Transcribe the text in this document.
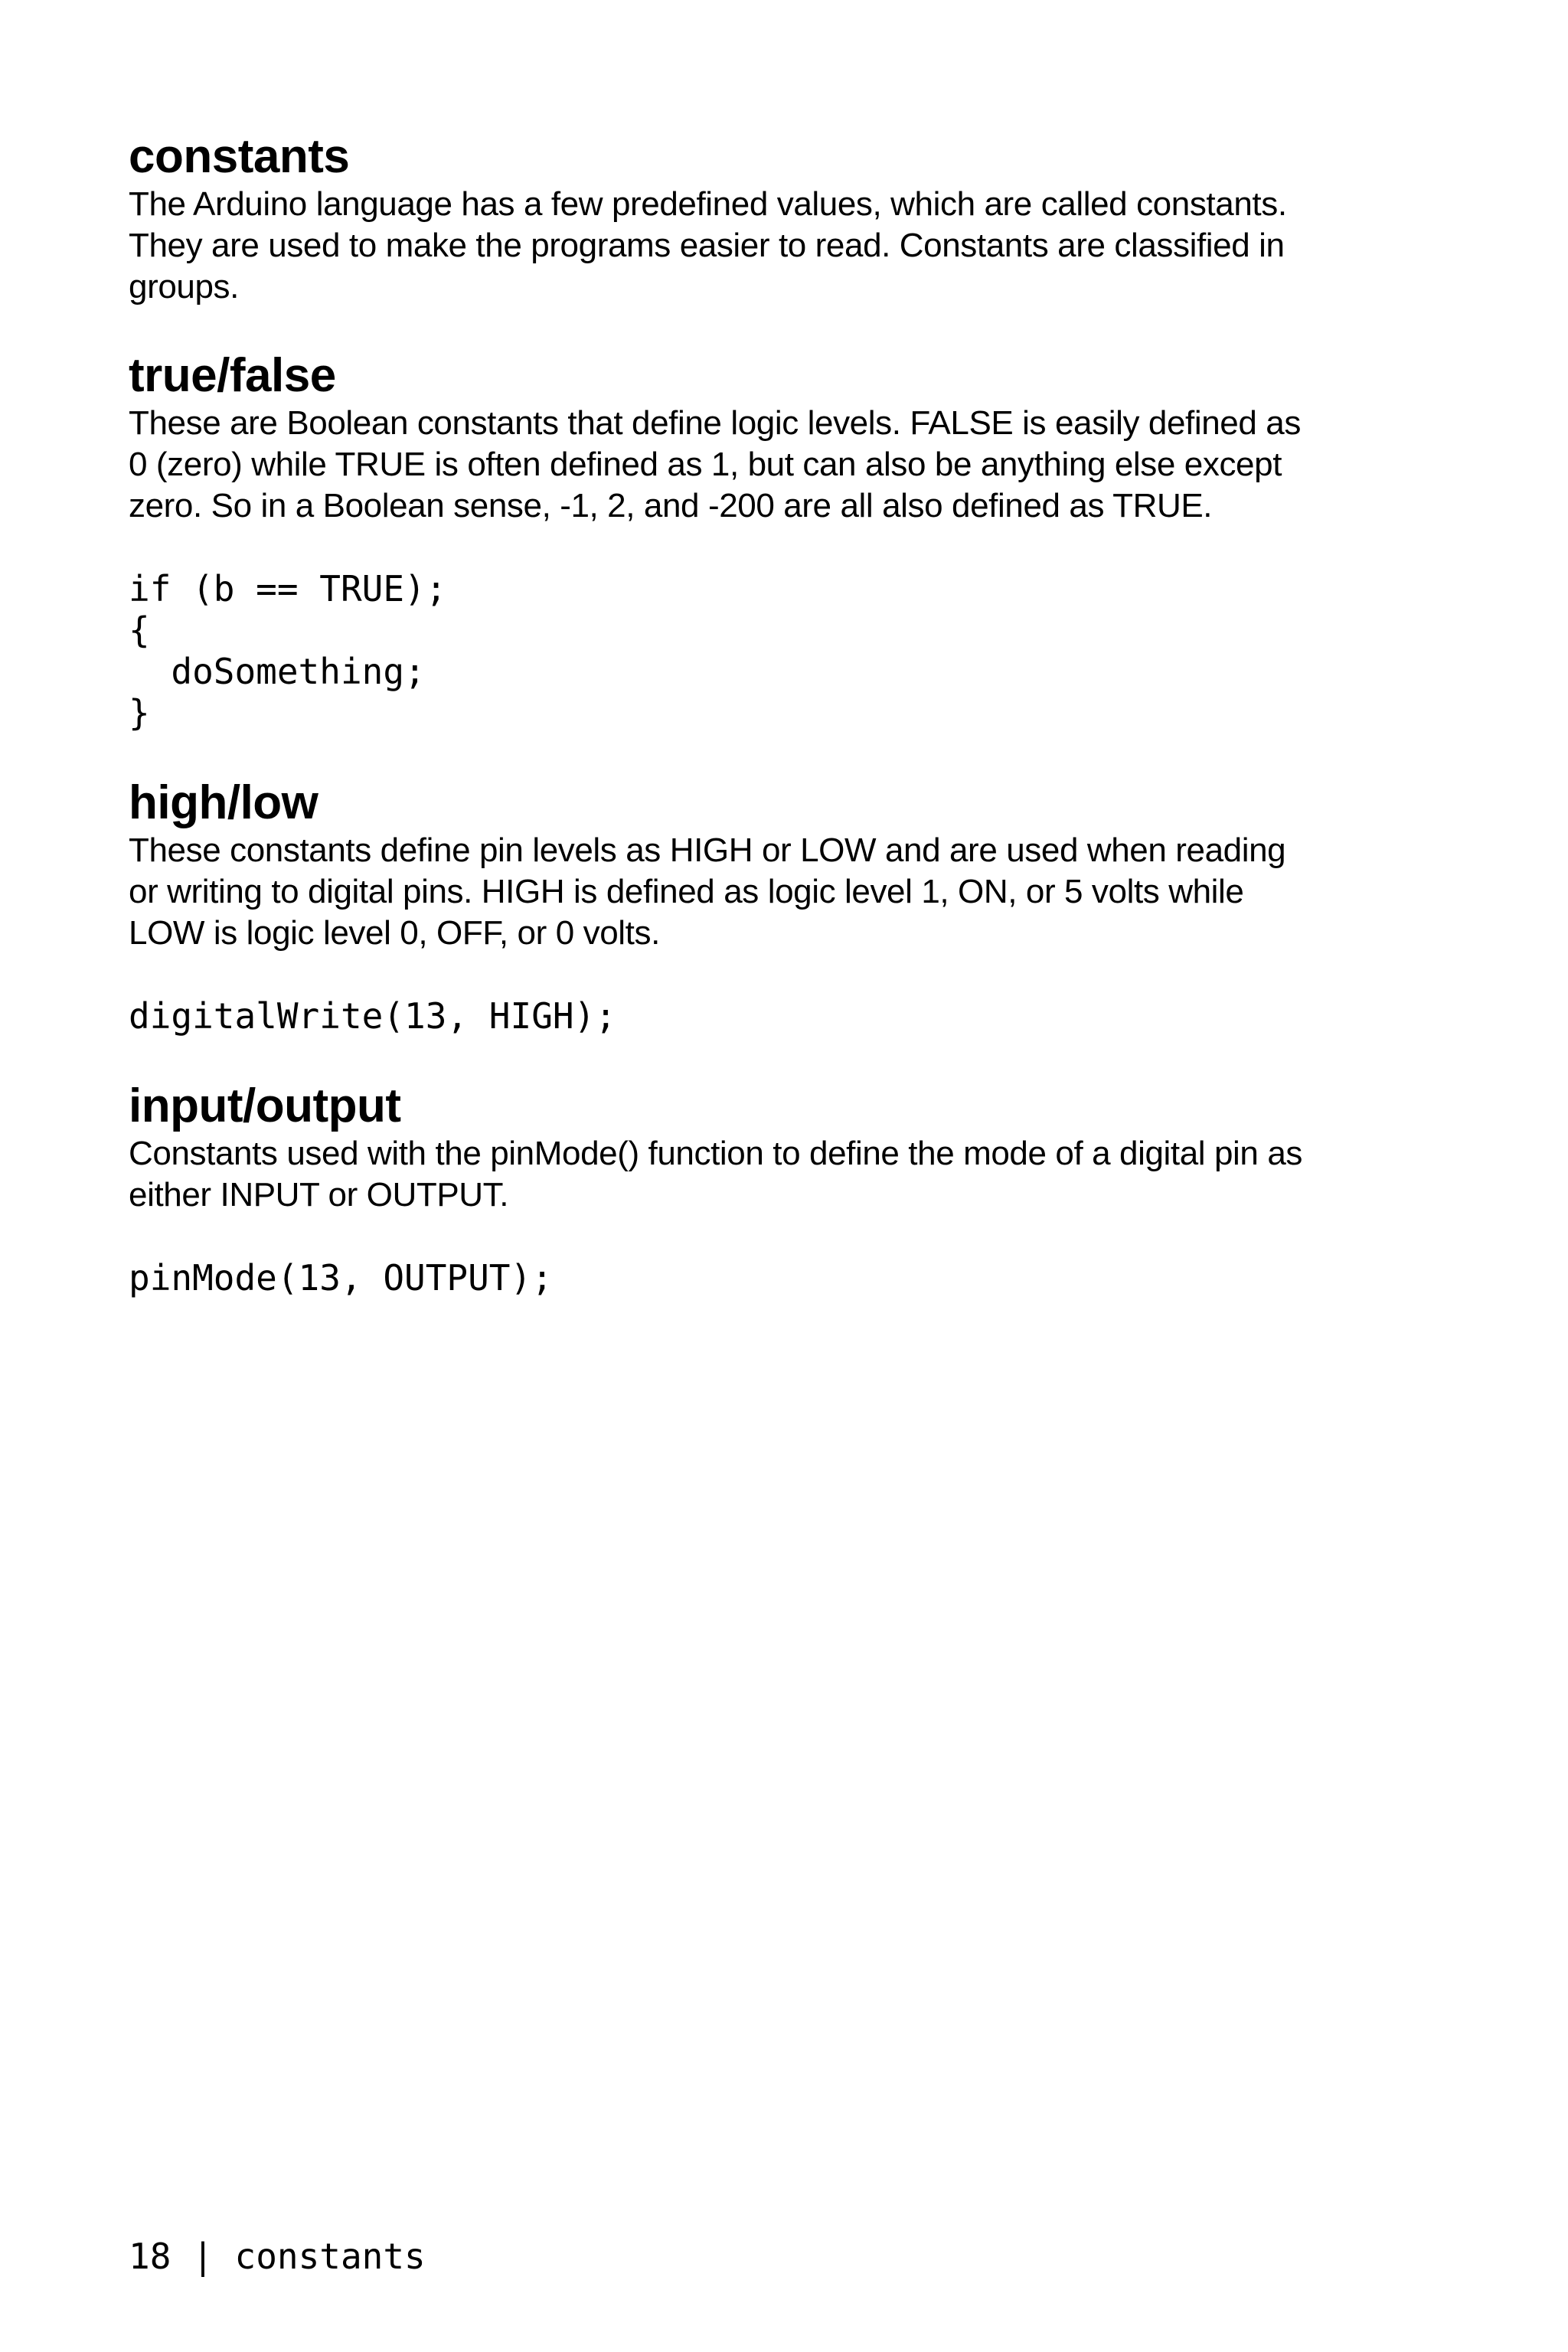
constants

The Arduino language has a few predefined values, which are called constants.
They are used to make the programs easier to read. Constants are classified in
groups.

true/false

These are Boolean constants that define logic levels. FALSE is easily defined as
0 (zero) while TRUE is often defined as 1, but can also be anything else except
zero. So in a Boolean sense, -1, 2, and -200 are all also defined as TRUE.

if (b == TRUE);
{
doSomething;
}
high/low

These constants define pin levels as HIGH or LOW and are used when reading
or writing to digital pins. HIGH is defined as logic level 1, ON, or 5 volts while
LOW is logic level 0, OFF, or 0 volts.

digitalWrite(13, HIGH);
input/output

Constants used with the pinMode() function to define the mode of a digital pin as
either INPUT or OUTPUT.

pinMode(13, OUTPUT);
18 | constants
